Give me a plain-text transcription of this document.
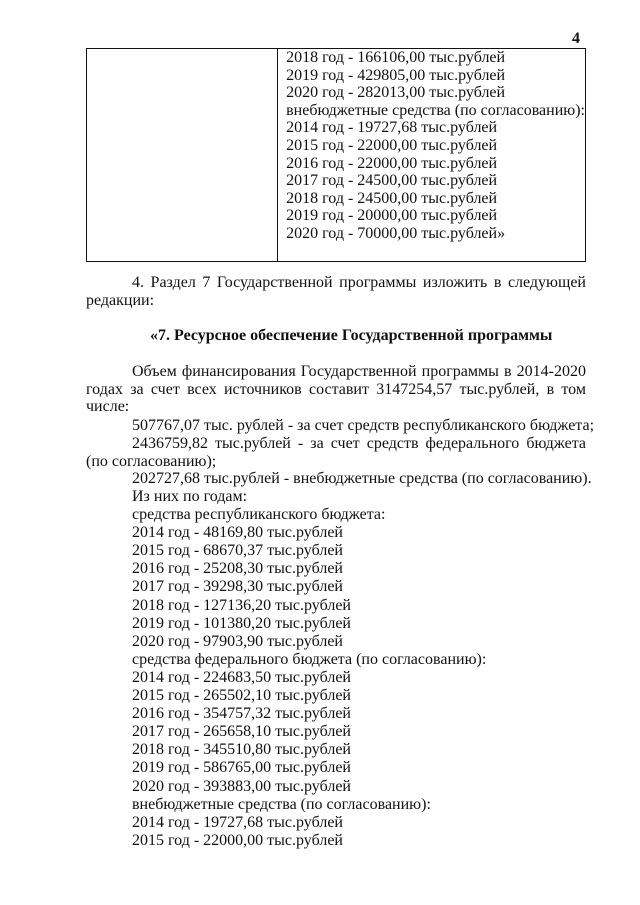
4

2018 год - 166106,00 тыс.рублей
2019 год - 429805,00 тыс.рублей
2020 год - 282013,00 тыс.рублей
внебюджетные средства (по согласованию):
2014 год - 19727,68 тыс.рублей
2015 год - 22000,00 тыс.рублей
2016 год - 22000,00 тыс.рублей
2017 год - 24500,00 тыс.рублей
2018 год - 24500,00 тыс.рублей
2019 год - 20000,00 тыс.рублей
2020 год - 70000,00 тыс.рублей»
4. Раздел 7 Государственной программы изложить в следующей редакции:
«7. Ресурсное обеспечение Государственной программы
Объем финансирования Государственной программы в 2014-2020 годах за счет всех источников составит 3147254,57 тыс.рублей, в том числе:
507767,07 тыс. рублей - за счет средств республиканского бюджета;
2436759,82 тыс.рублей - за счет средств федерального бюджета (по согласованию);
202727,68 тыс.рублей - внебюджетные средства (по согласованию).
Из них по годам:
средства республиканского бюджета:
2014 год - 48169,80 тыс.рублей
2015 год - 68670,37 тыс.рублей
2016 год - 25208,30 тыс.рублей
2017 год - 39298,30 тыс.рублей
2018 год - 127136,20 тыс.рублей
2019 год - 101380,20 тыс.рублей
2020 год - 97903,90 тыс.рублей
средства федерального бюджета (по согласованию):
2014 год - 224683,50 тыс.рублей
2015 год - 265502,10 тыс.рублей
2016 год - 354757,32 тыс.рублей
2017 год - 265658,10 тыс.рублей
2018 год - 345510,80 тыс.рублей
2019 год - 586765,00 тыс.рублей
2020 год - 393883,00 тыс.рублей
внебюджетные средства (по согласованию):
2014 год - 19727,68 тыс.рублей
2015 год - 22000,00 тыс.рублей
